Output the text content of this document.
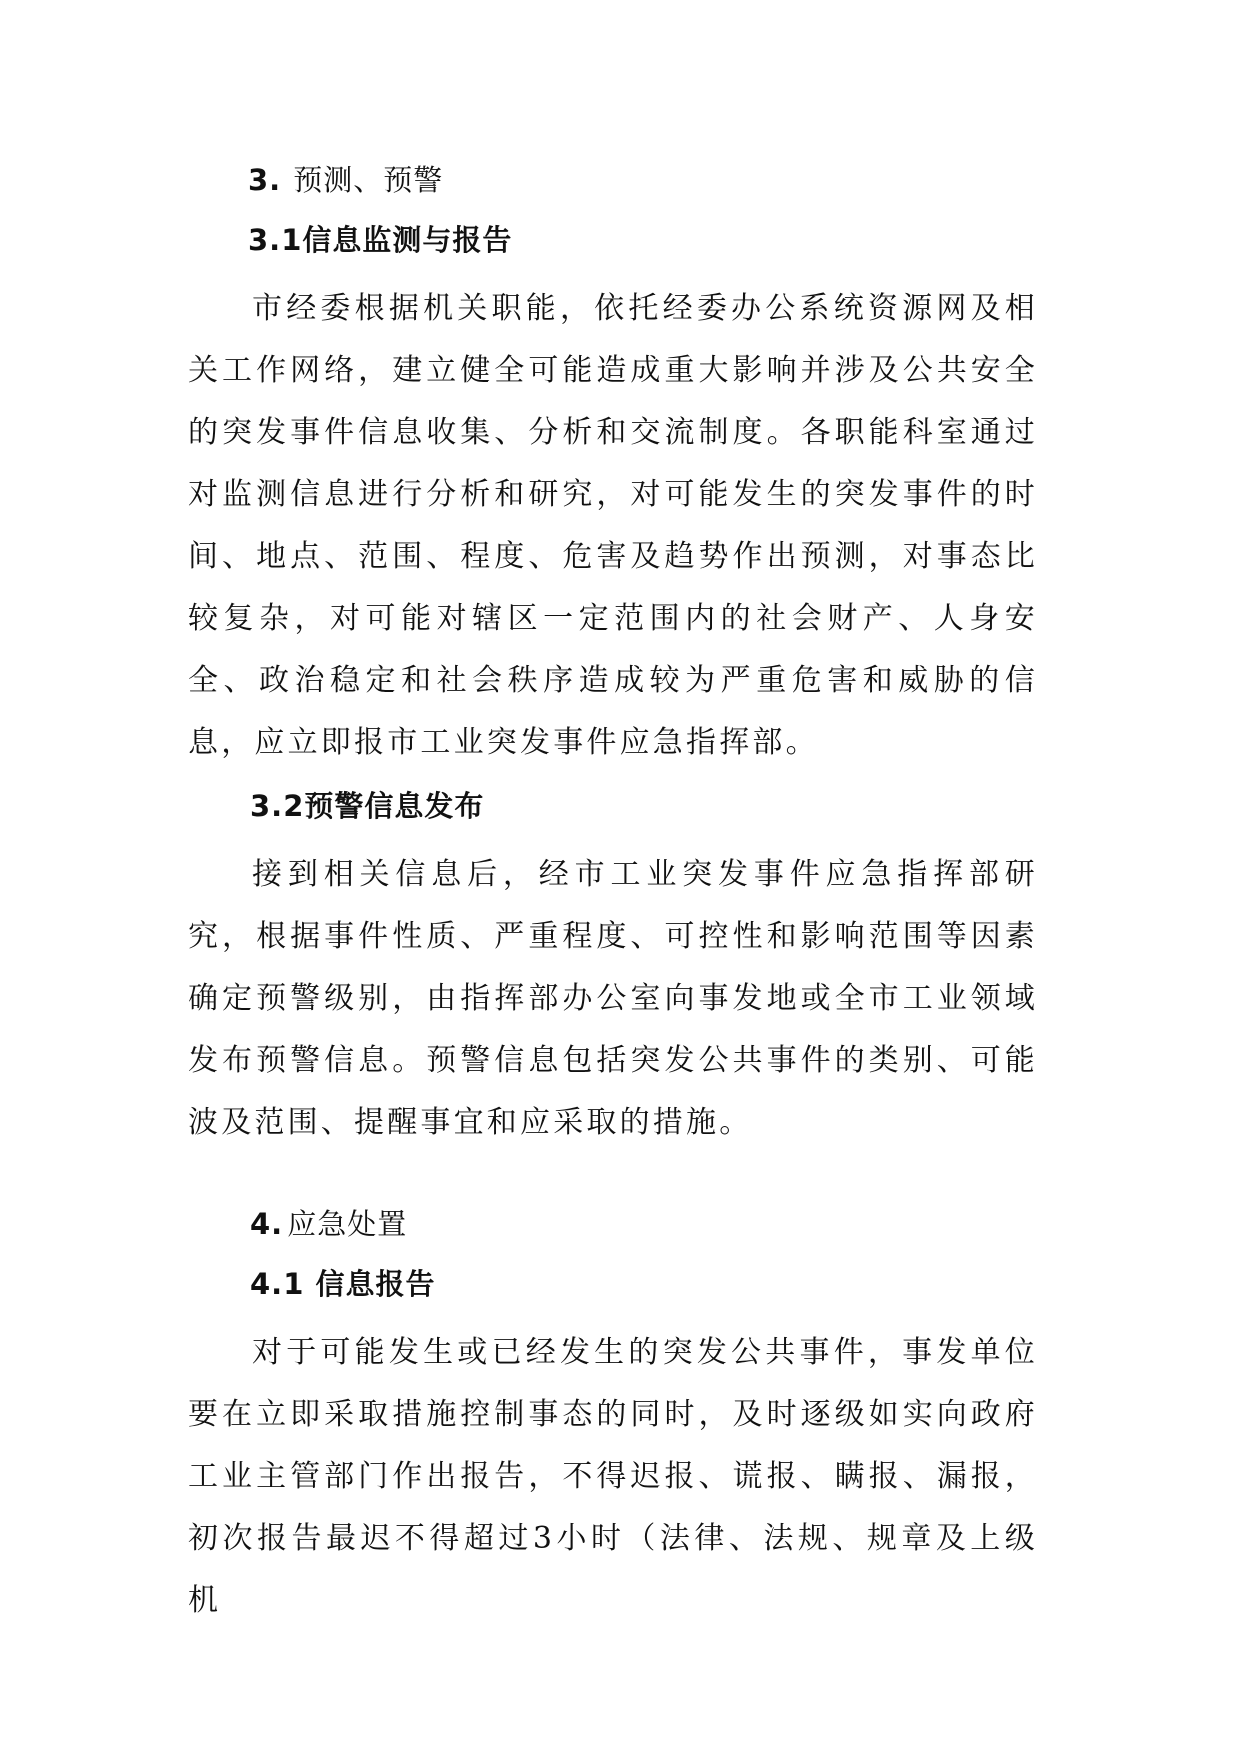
3. 预测、预警
3.1信息监测与报告

市经委根据机关职能，依托经委办公系统资源网及相关工作网络，建立健全可能造成重大影响并涉及公共安全的突发事件信息收集、分析和交流制度。各职能科室通过对监测信息进行分析和研究，对可能发生的突发事件的时间、地点、范围、程度、危害及趋势作出预测，对事态比较复杂，对可能对辖区一定范围内的社会财产、人身安全、政治稳定和社会秩序造成较为严重危害和威胁的信息，应立即报市工业突发事件应急指挥部。

3.2预警信息发布

接到相关信息后，经市工业突发事件应急指挥部研究，根据事件性质、严重程度、可控性和影响范围等因素确定预警级别，由指挥部办公室向事发地或全市工业领域发布预警信息。预警信息包括突发公共事件的类别、可能波及范围、提醒事宜和应采取的措施。

4. 应急处置
4.1 信息报告

对于可能发生或已经发生的突发公共事件，事发单位要在立即采取措施控制事态的同时，及时逐级如实向政府工业主管部门作出报告，不得迟报、谎报、瞒报、漏报，初次报告最迟不得超过3小时（法律、法规、规章及上级机
